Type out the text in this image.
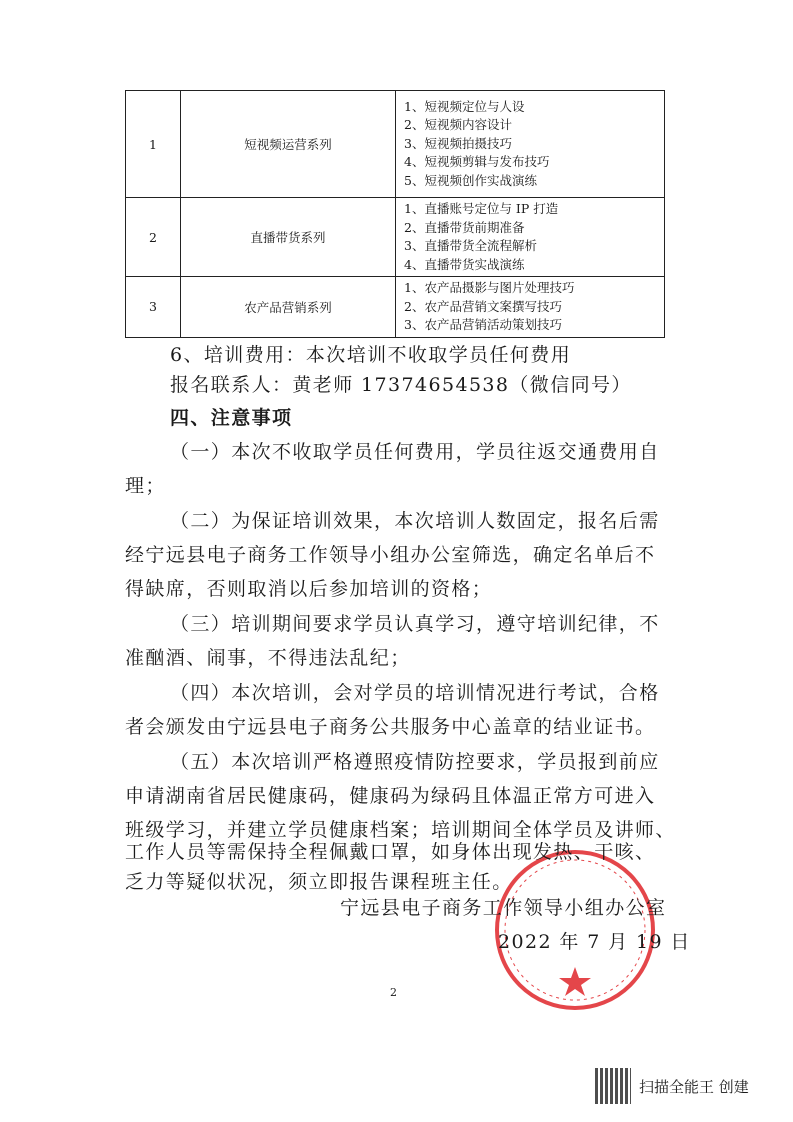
1	短视频运营系列	1、短视频定位与人设
2、短视频内容设计
3、短视频拍摄技巧
4、短视频剪辑与发布技巧
5、短视频创作实战演练

2	直播带货系列	1、直播账号定位与 IP 打造
2、直播带货前期准备
3、直播带货全流程解析
4、直播带货实战演练

3	农产品营销系列	1、农产品摄影与图片处理技巧
2、农产品营销文案撰写技巧
3、农产品营销活动策划技巧
6、培训费用：本次培训不收取学员任何费用
报名联系人：黄老师 17374654538（微信同号）
四、注意事项
（一）本次不收取学员任何费用，学员往返交通费用自
理；
（二）为保证培训效果，本次培训人数固定，报名后需
经宁远县电子商务工作领导小组办公室筛选，确定名单后不
得缺席，否则取消以后参加培训的资格；
（三）培训期间要求学员认真学习，遵守培训纪律，不
准酗酒、闹事，不得违法乱纪；
（四）本次培训，会对学员的培训情况进行考试，合格
者会颁发由宁远县电子商务公共服务中心盖章的结业证书。
（五）本次培训严格遵照疫情防控要求，学员报到前应
申请湖南省居民健康码，健康码为绿码且体温正常方可进入
班级学习，并建立学员健康档案；培训期间全体学员及讲师、
工作人员等需保持全程佩戴口罩，如身体出现发热、干咳、
乏力等疑似状况，须立即报告课程班主任。
宁远县电子商务工作领导小组办公室
2022 年 7 月 19 日
2
扫描全能王 创建
